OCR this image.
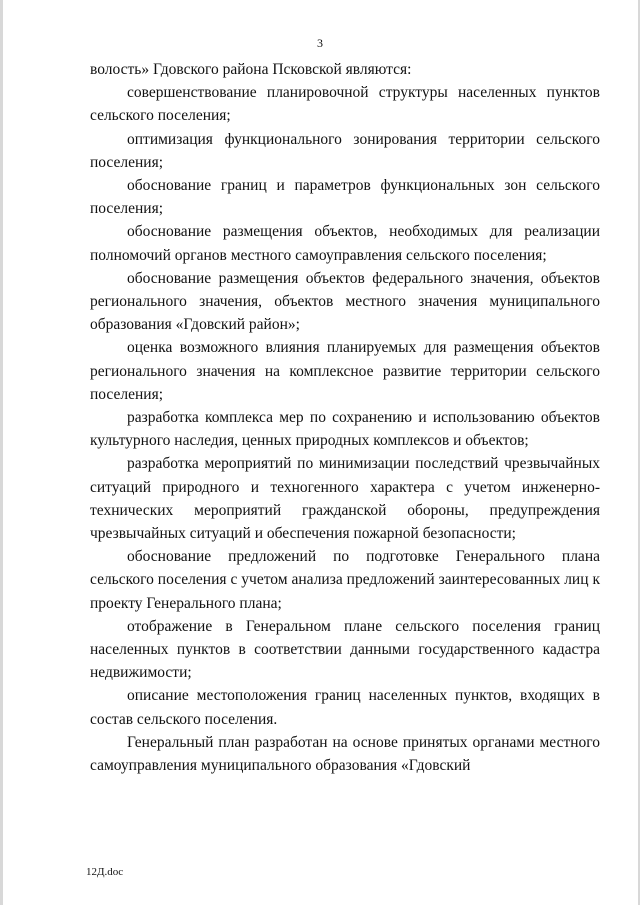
3

волость» Гдовского района Псковской являются:

совершенствование планировочной структуры населенных пунктов сельского поселения;

оптимизация функционального зонирования территории сельского поселения;

обоснование границ и параметров функциональных зон сельского поселения;

обоснование размещения объектов, необходимых для реализации полномочий органов местного самоуправления сельского поселения;

обоснование размещения объектов федерального значения, объектов регионального значения, объектов местного значения муниципального образования «Гдовский район»;

оценка возможного влияния планируемых для размещения объектов регионального значения на комплексное развитие территории сельского поселения;

разработка комплекса мер по сохранению и использованию объектов культурного наследия, ценных природных комплексов и объектов;

разработка мероприятий по минимизации последствий чрезвычайных ситуаций природного и техногенного характера с учетом инженерно-технических мероприятий гражданской обороны, предупреждения чрезвычайных ситуаций и обеспечения пожарной безопасности;

обоснование предложений по подготовке Генерального плана сельского поселения с учетом анализа предложений заинтересованных лиц к проекту Генерального плана;

отображение в Генеральном плане сельского поселения границ населенных пунктов в соответствии данными государственного кадастра недвижимости;

описание местоположения границ населенных пунктов, входящих в состав сельского поселения.

Генеральный план разработан на основе принятых органами местного самоуправления муниципального образования «Гдовский

12Д.doc
